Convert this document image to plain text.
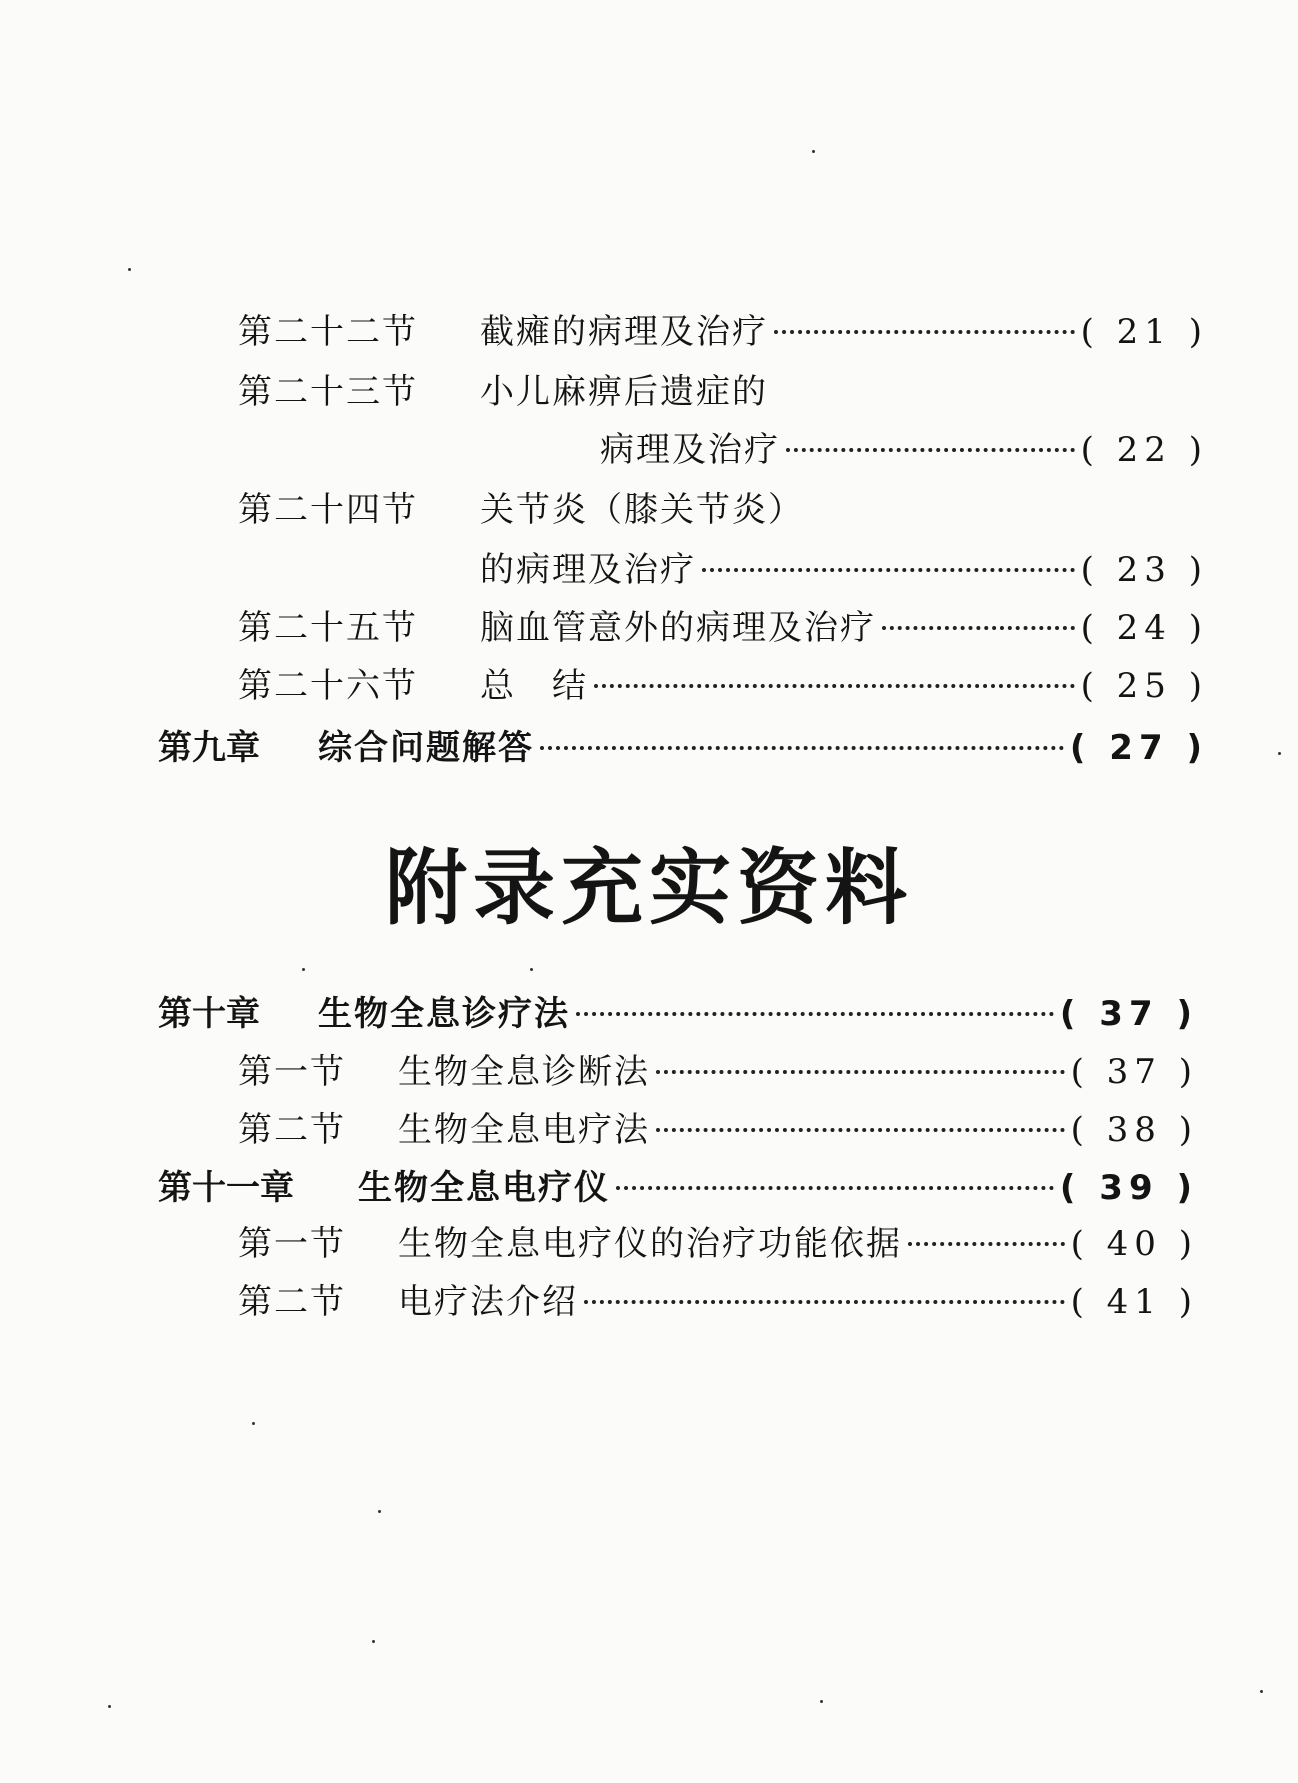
第二十二节	截瘫的病理及治疗	( 21 )
第二十三节	小儿麻痹后遗症的
病理及治疗	( 22 )
第二十四节	关节炎（膝关节炎）
的病理及治疗	( 23 )
第二十五节	脑血管意外的病理及治疗	( 24 )
第二十六节	总　结	( 25 )
第九章	综合问题解答	( 27 )
附录充实资料
第十章	生物全息诊疗法	( 37 )
第一节	生物全息诊断法	( 37 )
第二节	生物全息电疗法	( 38 )
第十一章	生物全息电疗仪	( 39 )
第一节	生物全息电疗仪的治疗功能依据	( 40 )
第二节	电疗法介绍	( 41 )
